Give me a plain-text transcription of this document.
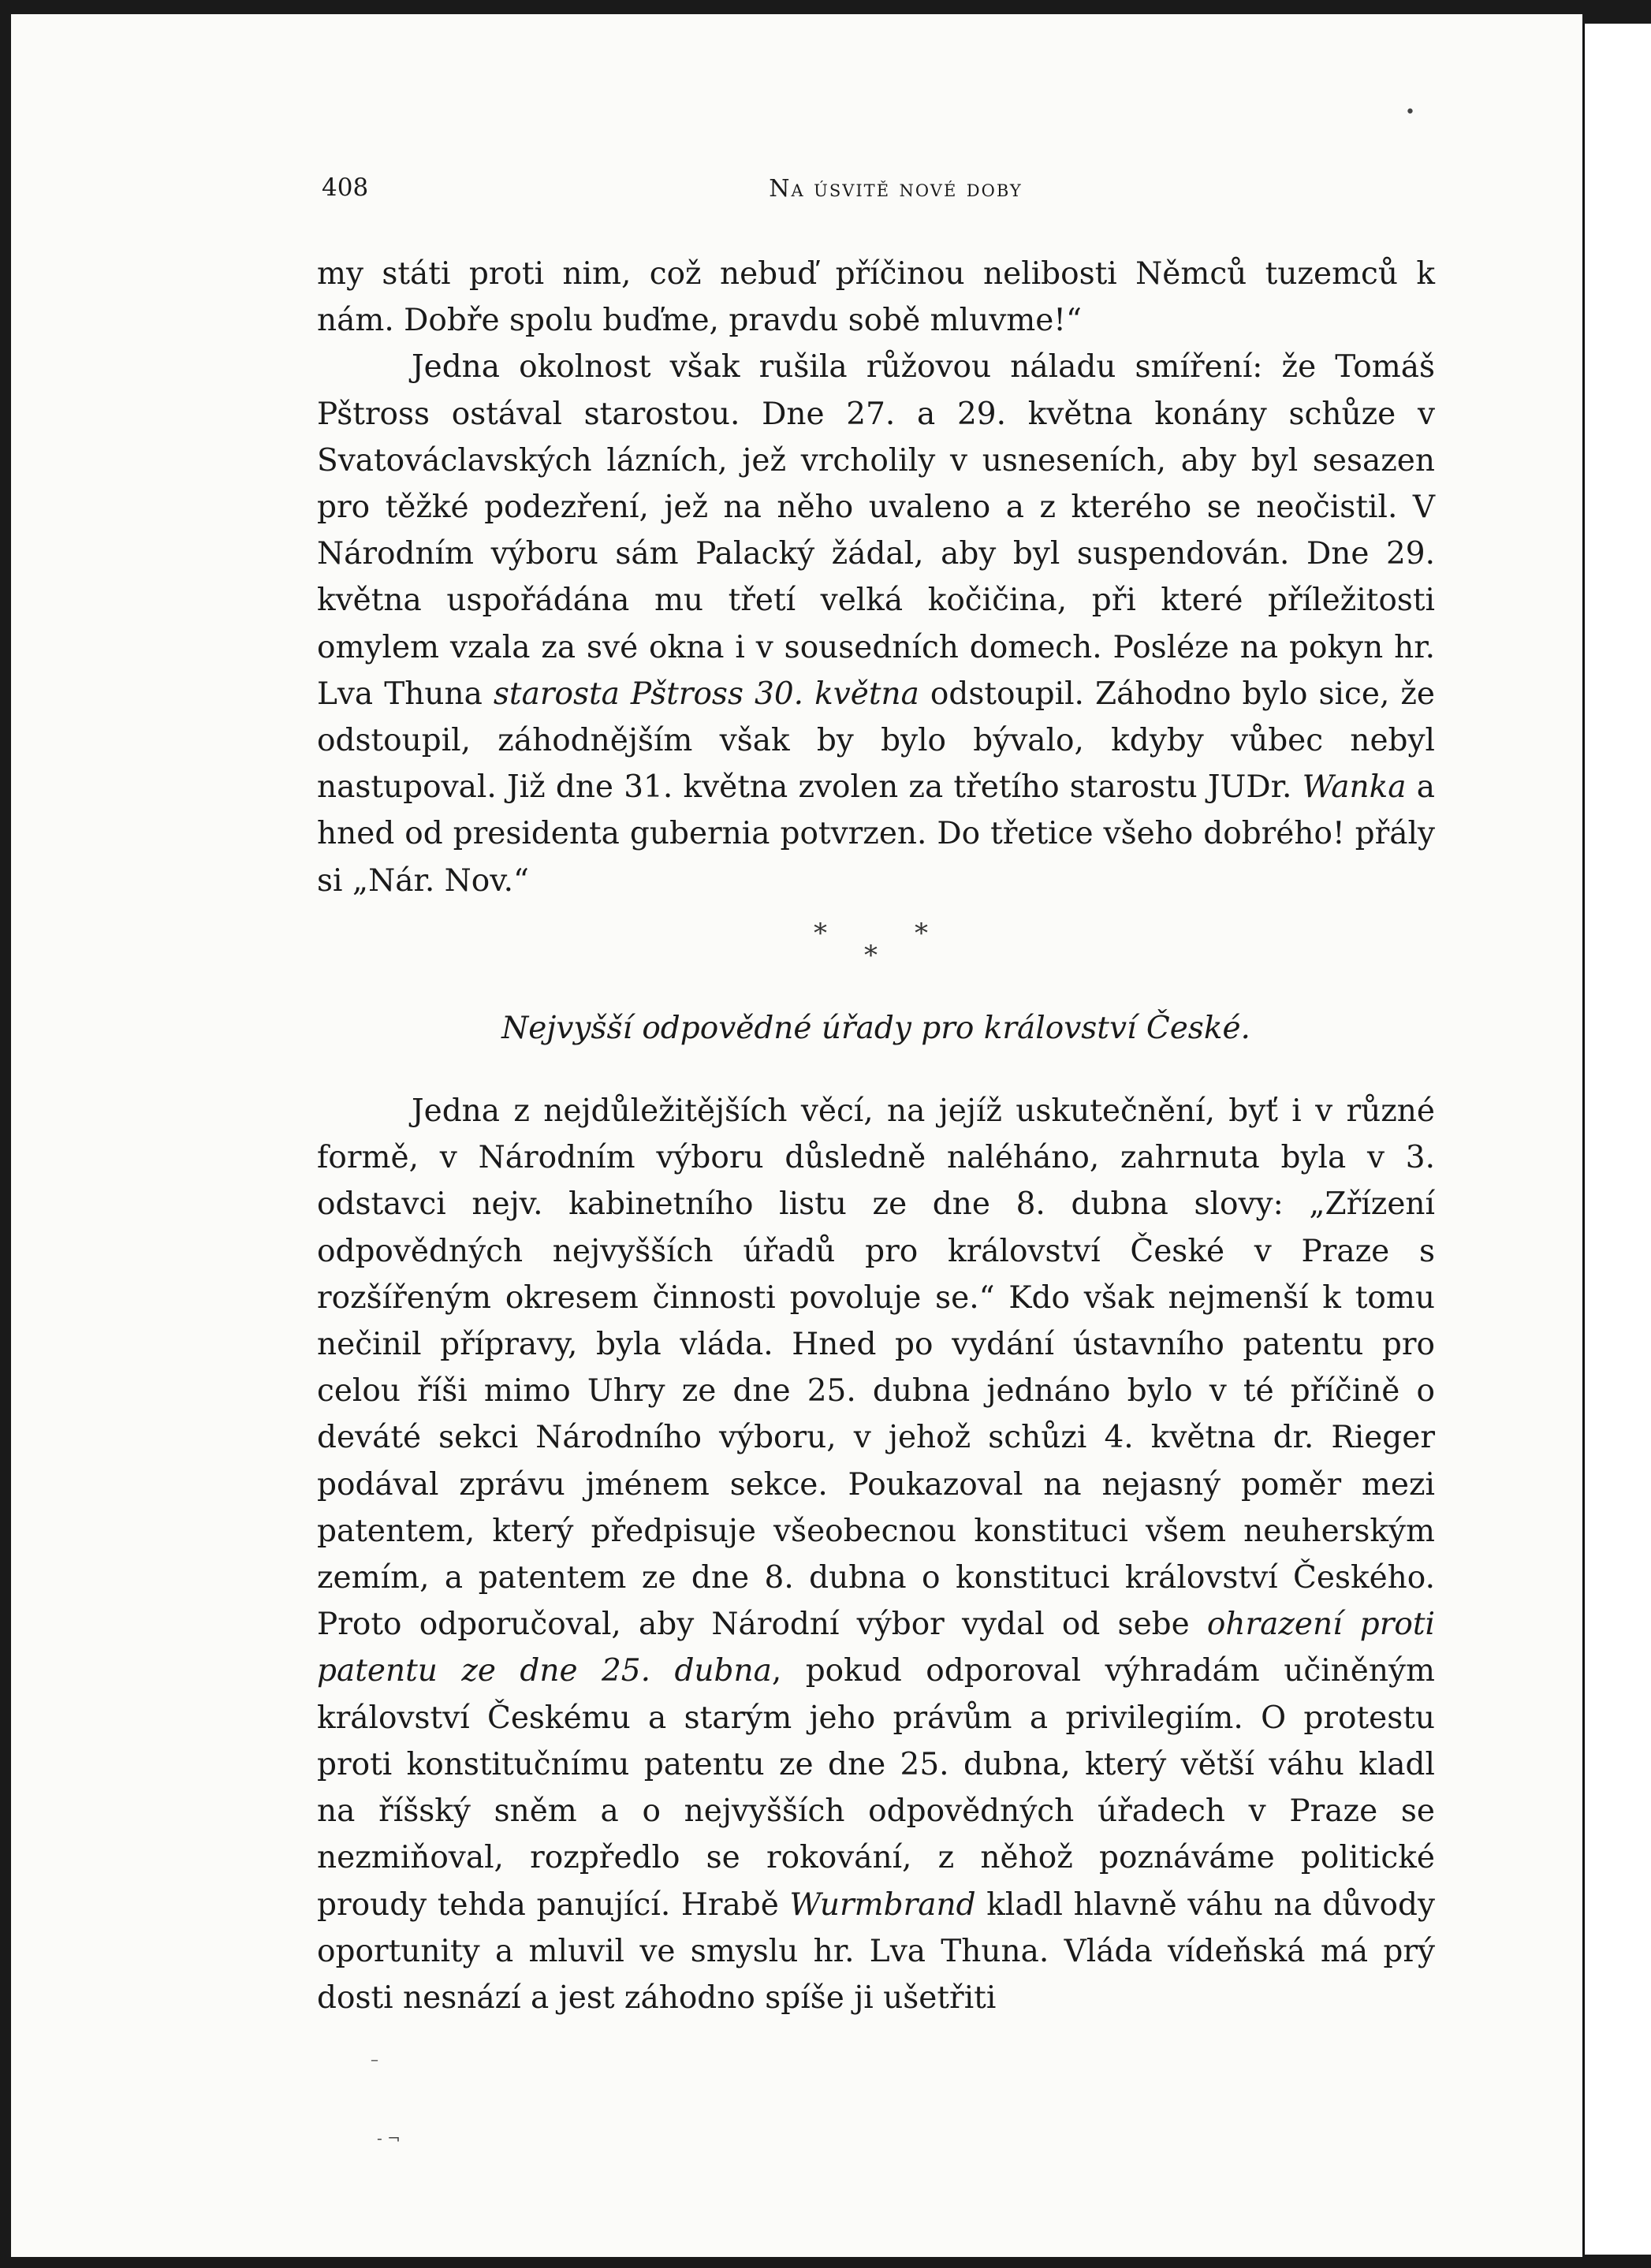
408	Na úsvitě nové doby

my státi proti nim, což nebuď příčinou nelibosti Němců tuzemců k nám. Dobře spolu buďme, pravdu sobě mluvme!“

Jedna okolnost však rušila růžovou náladu smíření: že Tomáš Pštross ostával starostou. Dne 27. a 29. května konány schůze v Svatováclavských lázních, jež vrcholily v usneseních, aby byl sesazen pro těžké podezření, jež na něho uvaleno a z kterého se neočistil. V Národním výboru sám Palacký žádal, aby byl suspendován. Dne 29. května uspořádána mu třetí velká kočičina, při které příležitosti omylem vzala za své okna i v sousedních domech. Posléze na pokyn hr. Lva Thuna starosta Pštross 30. května odstoupil. Záhodno bylo sice, že odstoupil, záhodnějším však by bylo bývalo, kdyby vůbec nebyl nastupoval. Již dne 31. května zvolen za třetího starostu JUDr. Wanka a hned od presidenta gubernia potvrzen. Do třetice všeho dobrého! přály si „Nár. Nov.“

*	*
*
Nejvyšší odpovědné úřady pro království České.

Jedna z nejdůležitějších věcí, na jejíž uskutečnění, byť i v různé formě, v Národním výboru důsledně naléháno, zahrnuta byla v 3. odstavci nejv. kabinetního listu ze dne 8. dubna slovy: „Zřízení odpovědných nejvyšších úřadů pro království České v Praze s rozšířeným okresem činnosti povoluje se.“ Kdo však nejmenší k tomu nečinil přípravy, byla vláda. Hned po vydání ústavního patentu pro celou říši mimo Uhry ze dne 25. dubna jednáno bylo v té příčině o deváté sekci Národního výboru, v jehož schůzi 4. května dr. Rieger podával zprávu jménem sekce. Poukazoval na nejasný poměr mezi patentem, který předpisuje všeobecnou konstituci všem neuherským zemím, a patentem ze dne 8. dubna o konstituci království Českého. Proto odporučoval, aby Národní výbor vydal od sebe ohrazení proti patentu ze dne 25. dubna, pokud odporoval výhradám učiněným království Českému a starým jeho právům a privilegiím. O protestu proti konstitučnímu patentu ze dne 25. dubna, který větší váhu kladl na říšský sněm a o nejvyšších odpovědných úřadech v Praze se nezmiňoval, rozpředlo se rokování, z něhož poznáváme politické proudy tehda panující. Hrabě Wurmbrand kladl hlavně váhu na důvody oportunity a mluvil ve smyslu hr. Lva Thuna. Vláda vídeňská má prý dosti nesnází a jest záhodno spíše ji ušetřiti

•
–
- ¬
